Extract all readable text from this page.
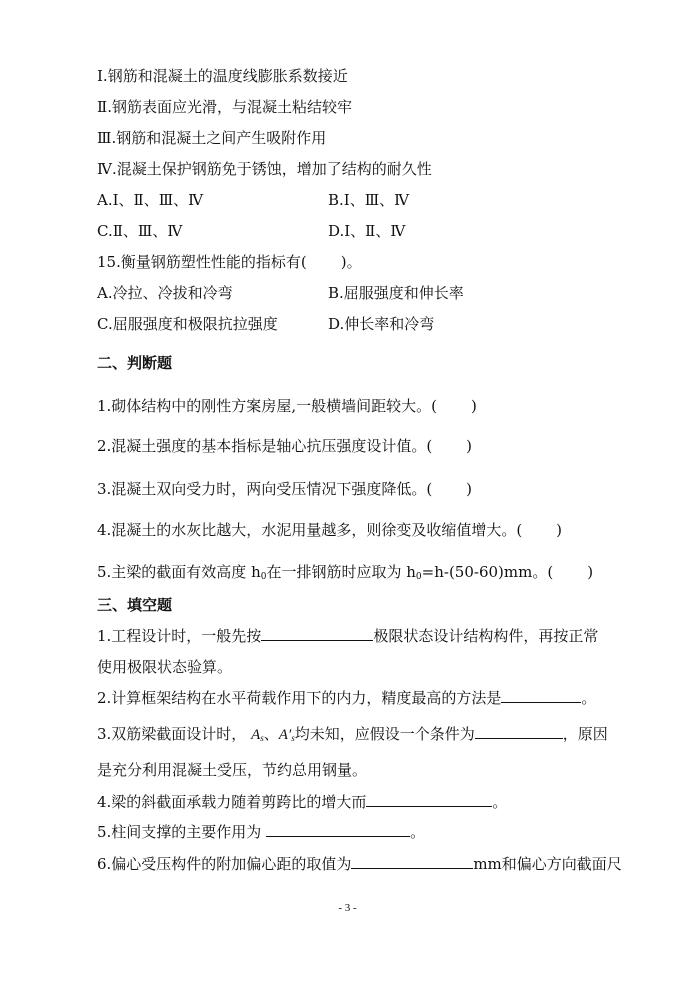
Ⅰ.钢筋和混凝土的温度线膨胀系数接近
Ⅱ.钢筋表面应光滑，与混凝土粘结较牢
Ⅲ.钢筋和混凝土之间产生吸附作用
Ⅳ.混凝土保护钢筋免于锈蚀，增加了结构的耐久性
A.Ⅰ、Ⅱ、Ⅲ、Ⅳ	B.Ⅰ、Ⅲ、Ⅳ
C.Ⅱ、Ⅲ、Ⅳ	D.Ⅰ、Ⅱ、Ⅳ
15.衡量钢筋塑性性能的指标有( )。
A.冷拉、冷拔和冷弯	B.屈服强度和伸长率
C.屈服强度和极限抗拉强度	D.伸长率和冷弯
二、判断题
1.砌体结构中的刚性方案房屋,一般横墙间距较大。( )
2.混凝土强度的基本指标是轴心抗压强度设计值。( )
3.混凝土双向受力时，两向受压情况下强度降低。( )
4.混凝土的水灰比越大，水泥用量越多，则徐变及收缩值增大。( )
5.主梁的截面有效高度 $h_0$在一排钢筋时应取为 $h_0=h-(50-60)mm$。( )
三、填空题
1.工程设计时，一般先按	极限状态设计结构构件，再按正常
使用极限状态验算。
2.计算框架结构在水平荷载作用下的内力，精度最高的方法是	。
3.双筋梁截面设计时， $A_s$、$A'_s$均未知，应假设一个条件为	，原因
是充分利用混凝土受压，节约总用钢量。
4.梁的斜截面承载力随着剪跨比的增大而	。
5.柱间支撑的主要作用为	。
6.偏心受压构件的附加偏心距的取值为	mm和偏心方向截面尺
- 3 -
